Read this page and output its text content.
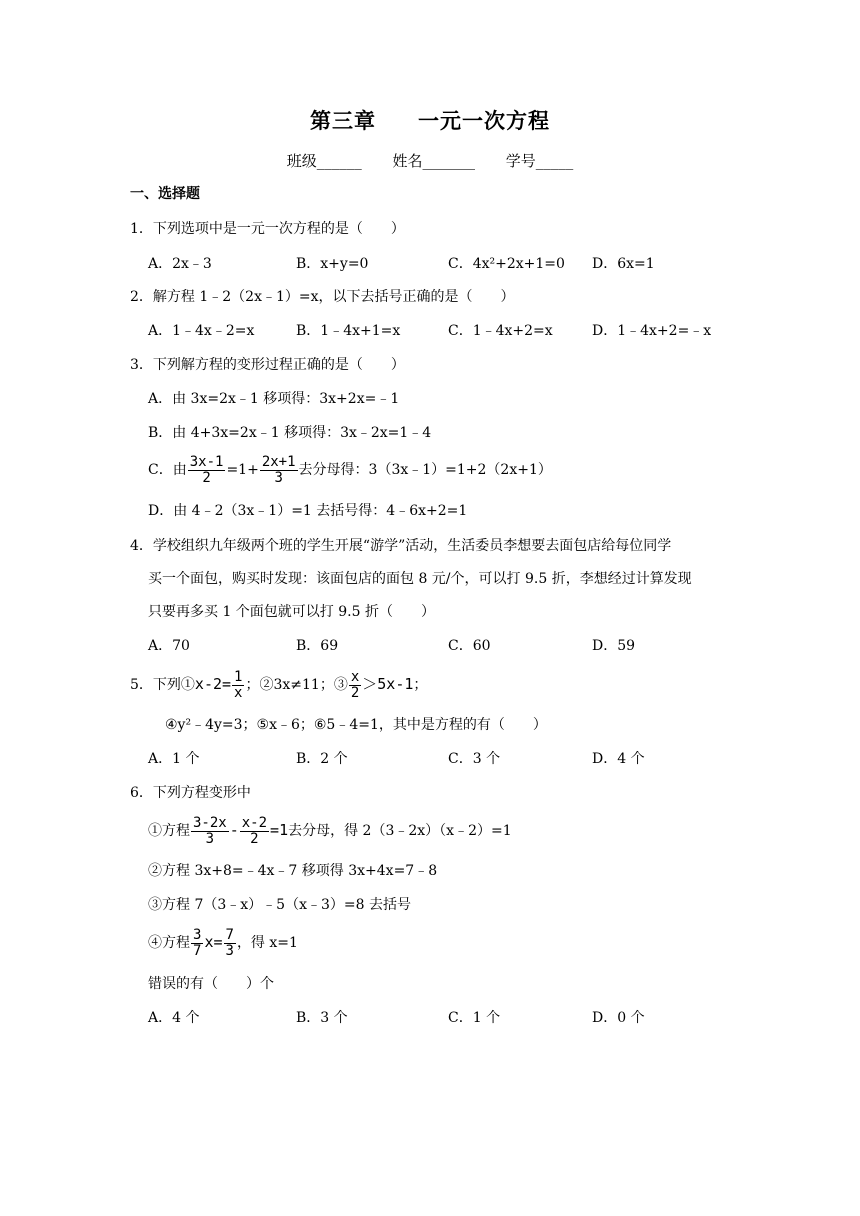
第三章 一元一次方程
班级______ 姓名_______ 学号_____
一、选择题
1．下列选项中是一元一次方程的是（　　）
A．2x﹣3	B．x+y=0	C．4x²+2x+1=0 D．6x=1
2．解方程 1﹣2（2x﹣1）=x，以下去括号正确的是（　　）
A．1﹣4x﹣2=x	B．1﹣4x+1=x	C．1﹣4x+2=x	D．1﹣4x+2=﹣x
3．下列解方程的变形过程正确的是（　　）
A．由 3x=2x﹣1 移项得：3x+2x=﹣1
B．由 4+3x=2x﹣1 移项得：3x﹣2x=1﹣4
C．由 $\frac{3x-1}{2} =1+ \frac{2x+1}{3}$ 去分母得：3（3x﹣1）=1+2（2x+1）
D．由 4﹣2（3x﹣1）=1 去括号得：4﹣6x+2=1
4．学校组织九年级两个班的学生开展“游学”活动，生活委员李想要去面包店给每位同学
买一个面包，购买时发现：该面包店的面包 8 元/个，可以打 9.5 折，李想经过计算发现
只要再多买 1 个面包就可以打 9.5 折（　　）
A．70	B．69	C．60	D．59
5．下列①x-2= $\frac{1}{x}$ ；②3x≠11；③ $\frac{x}{2} >5x-1$；
④y²﹣4y=3；⑤x﹣6；⑥5﹣4=1，其中是方程的有（　　）
A．1 个	B．2 个	C．3 个	D．4 个
6．下列方程变形中
①方程 $\frac{3-2x}{3} - \frac{x-2}{2} =1$去分母，得 2（3﹣2x）（x﹣2）=1
②方程 3x+8=﹣4x﹣7 移项得 3x+4x=7﹣8
③方程 7（3﹣x）﹣5（x﹣3）=8 去括号
④方程 $\frac{3}{7} x= \frac{7}{3}$ ，得 x=1
错误的有（　　）个
A．4 个	B．3 个	C．1 个	D．0 个
